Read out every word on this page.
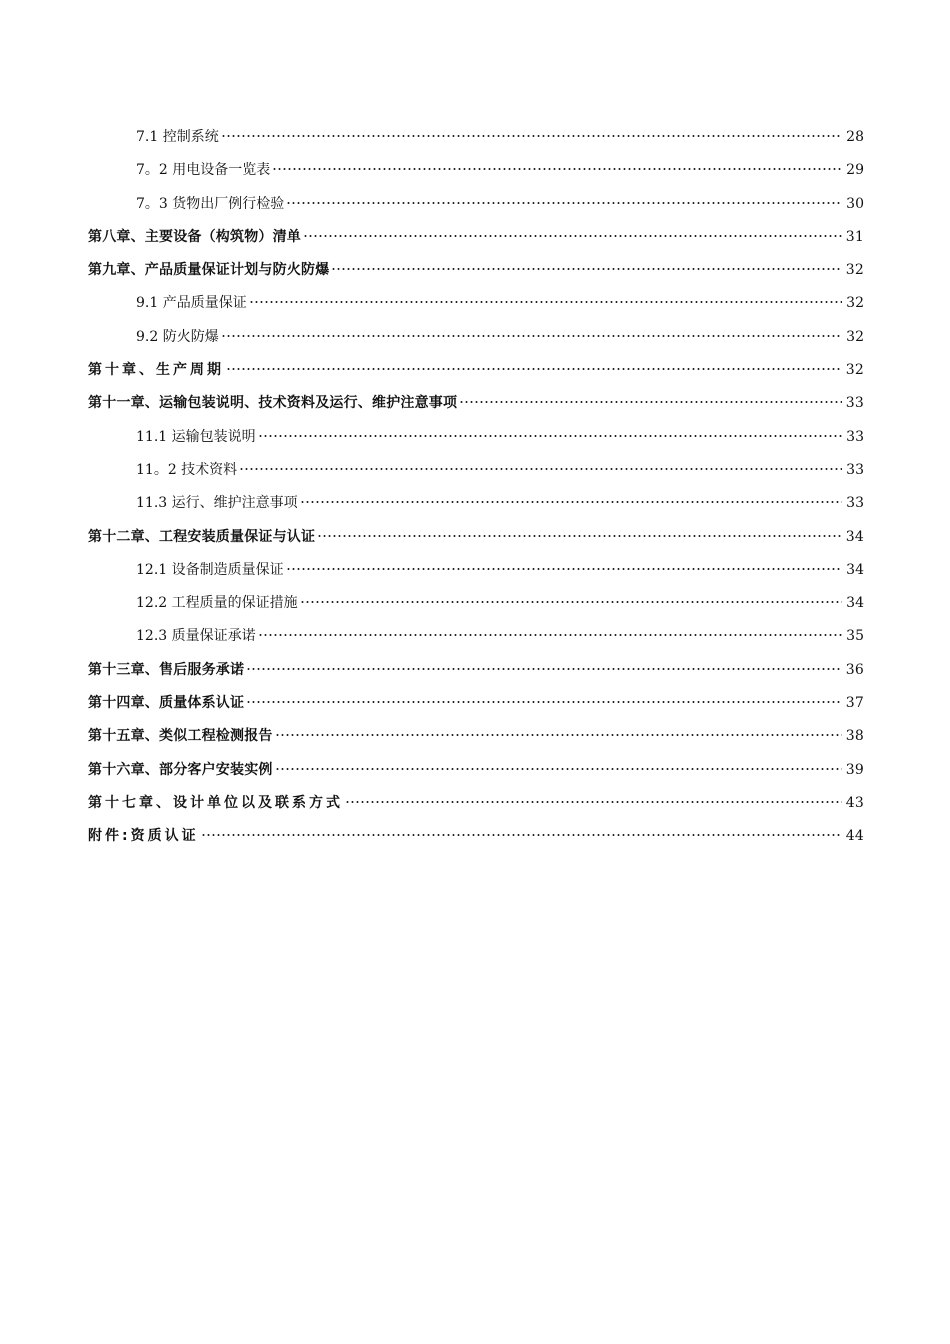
7.1 控制系统	28
7。2 用电设备一览表	29
7。3 货物出厂例行检验	30
第八章、主要设备（构筑物）清单	31
第九章、产品质量保证计划与防火防爆	32
9.1 产品质量保证	32
9.2 防火防爆	32
第十章、生产周期	32
第十一章、运输包装说明、技术资料及运行、维护注意事项	33
11.1 运输包装说明	33
11。2 技术资料	33
11.3 运行、维护注意事项	33
第十二章、工程安装质量保证与认证	34
12.1 设备制造质量保证	34
12.2 工程质量的保证措施	34
12.3 质量保证承诺	35
第十三章、售后服务承诺	36
第十四章、质量体系认证	37
第十五章、类似工程检测报告	38
第十六章、部分客户安装实例	39
第十七章、设计单位以及联系方式	43
附件:资质认证	44
